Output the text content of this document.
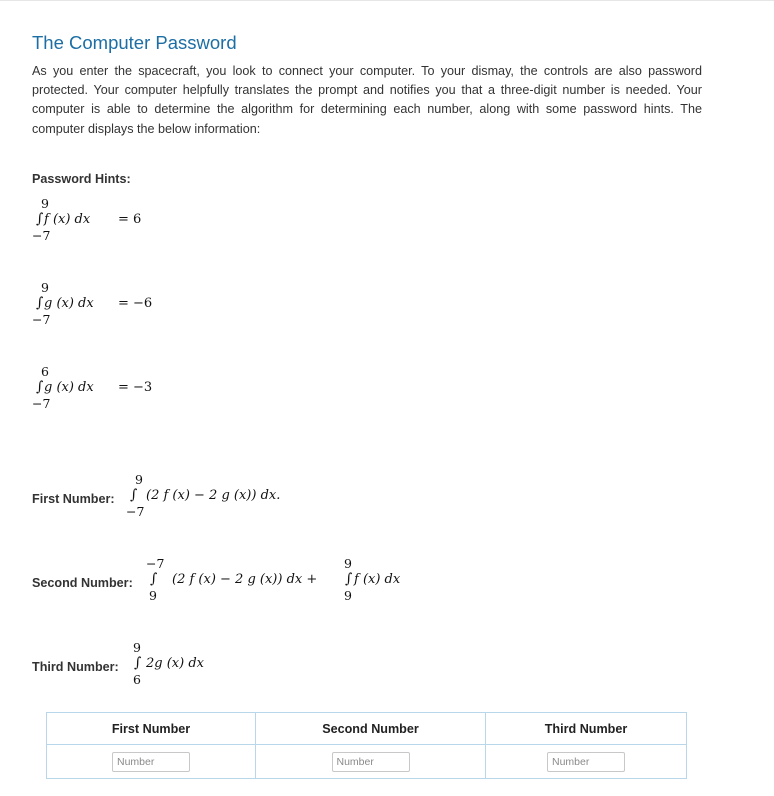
The Computer Password
As you enter the spacecraft, you look to connect your computer. To your dismay, the controls are also password protected. Your computer helpfully translates the prompt and notifies you that a three-digit number is needed. Your computer is able to determine the algorithm for determining each number, along with some password hints. The computer displays the below information:
Password Hints:
9
∫ f (x) dx = 6
−7
9
∫ g (x) dx = −6
−7
6
∫ g (x) dx = −3
−7
First Number:
9
∫ (2 f (x) − 2 g (x)) dx.
−7
Second Number:
−7
∫ (2 f (x) − 2 g (x)) dx +
9
9
∫ f (x) dx
9
Third Number:
9
∫ 2g (x) dx
6
First Number	Second Number	Third Number
Number	Number	Number
